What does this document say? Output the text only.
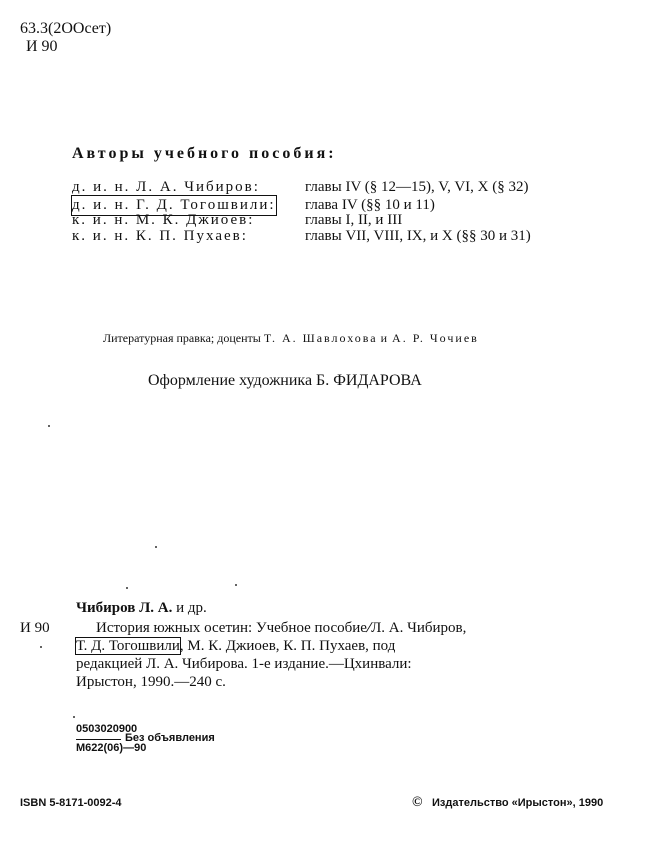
63.3(2ООсет)
И 90
Авторы учебного пособия:
д. и. н. Л. А. Чибиров:	главы IV (§ 12—15), V, VI, X (§ 32)
д. и. н. Г. Д. Тогошвили: глава IV (§§ 10 и 11)
к. и. н. М. К. Джиоев:	главы I, II, и III
к. и. н. К. П. Пухаев:	главы VII, VIII, IX, и X (§§ 30 и 31)
Литературная правка; доценты Т. А. Шавлохова и А. Р. Чочиев
Оформление художника Б. ФИДАРОВА
Чибиров Л. А. и др.
И 90	История южных осетин: Учебное пособие/Л. А. Чибиров,
Т. Д. Тогошвили, М. К. Джиоев, К. П. Пухаев, под
редакцией Л. А. Чибирова. 1-е издание.—Цхинвали:
Ирыстон, 1990.—240 с.
0503020900
М622(06)—90
Без объявления
ISBN 5-8171-0092-4	© Издательство «Ирыстон», 1990
